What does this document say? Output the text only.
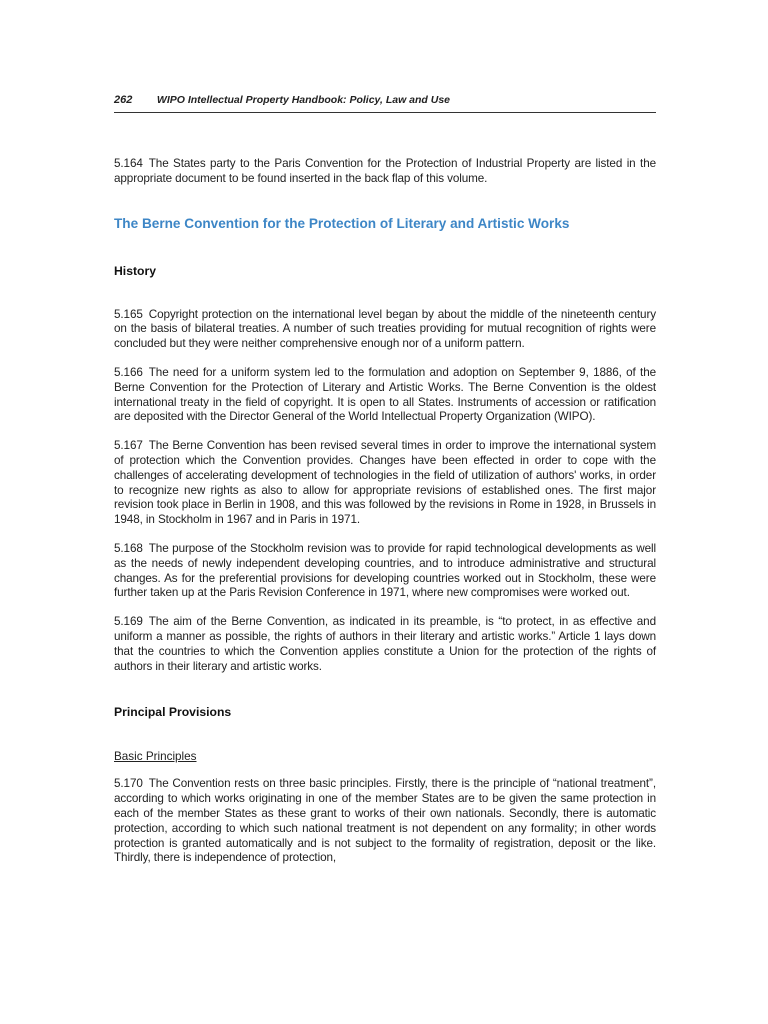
262 WIPO Intellectual Property Handbook: Policy, Law and Use

5.164 The States party to the Paris Convention for the Protection of Industrial Property are listed in the appropriate document to be found inserted in the back flap of this volume.

The Berne Convention for the Protection of Literary and Artistic Works
History

5.165 Copyright protection on the international level began by about the middle of the nineteenth century on the basis of bilateral treaties. A number of such treaties providing for mutual recognition of rights were concluded but they were neither comprehensive enough nor of a uniform pattern.

5.166 The need for a uniform system led to the formulation and adoption on September 9, 1886, of the Berne Convention for the Protection of Literary and Artistic Works. The Berne Convention is the oldest international treaty in the field of copyright. It is open to all States. Instruments of accession or ratification are deposited with the Director General of the World Intellectual Property Organization (WIPO).

5.167 The Berne Convention has been revised several times in order to improve the international system of protection which the Convention provides. Changes have been effected in order to cope with the challenges of accelerating development of technologies in the field of utilization of authors' works, in order to recognize new rights as also to allow for appropriate revisions of established ones. The first major revision took place in Berlin in 1908, and this was followed by the revisions in Rome in 1928, in Brussels in 1948, in Stockholm in 1967 and in Paris in 1971.

5.168 The purpose of the Stockholm revision was to provide for rapid technological developments as well as the needs of newly independent developing countries, and to introduce administrative and structural changes. As for the preferential provisions for developing countries worked out in Stockholm, these were further taken up at the Paris Revision Conference in 1971, where new compromises were worked out.

5.169 The aim of the Berne Convention, as indicated in its preamble, is “to protect, in as effective and uniform a manner as possible, the rights of authors in their literary and artistic works.” Article 1 lays down that the countries to which the Convention applies constitute a Union for the protection of the rights of authors in their literary and artistic works.

Principal Provisions
Basic Principles

5.170 The Convention rests on three basic principles. Firstly, there is the principle of “national treatment”, according to which works originating in one of the member States are to be given the same protection in each of the member States as these grant to works of their own nationals. Secondly, there is automatic protection, according to which such national treatment is not dependent on any formality; in other words protection is granted automatically and is not subject to the formality of registration, deposit or the like. Thirdly, there is independence of protection,
